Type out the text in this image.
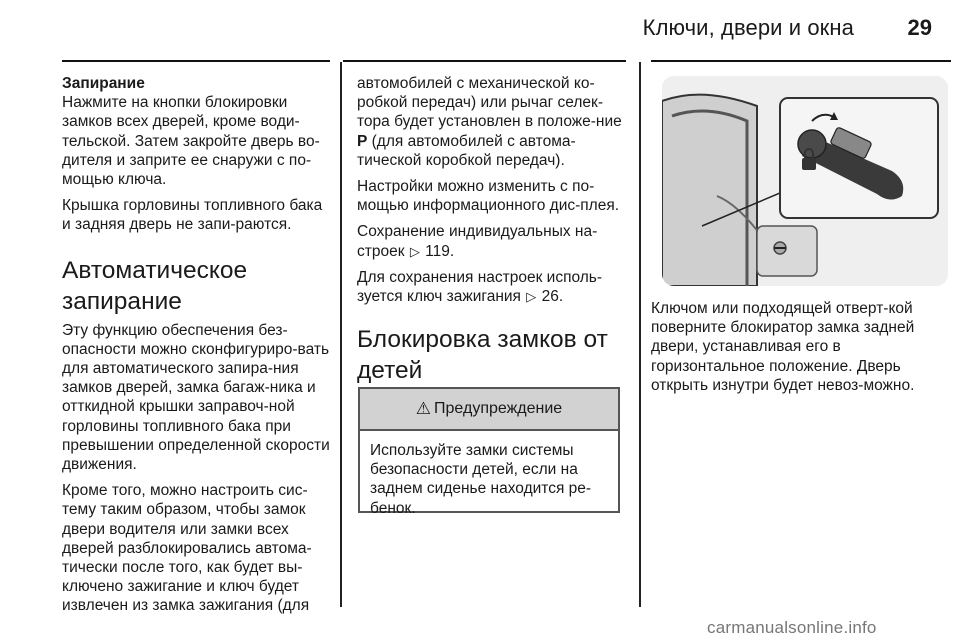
Ключи, двери и окна 29
Запирание

Нажмите на кнопки блокировки замков всех дверей, кроме води-тельской. Затем закройте дверь во-дителя и заприте ее снаружи с по-мощью ключа.

Крышка горловины топливного бака и задняя дверь не запи-раются.

Автоматическое запирание

Эту функцию обеспечения без-опасности можно сконфигуриро-вать для автоматического запира-ния замков дверей, замка багаж-ника и отткидной крышки заправоч-ной горловины топливного бака при превышении определенной скорости движения.

Кроме того, можно настроить сис-тему таким образом, чтобы замок двери водителя или замки всех дверей разблокировались автома-тически после того, как будет вы-ключено зажигание и ключ будет извлечен из замка зажигания (для

автомобилей с механической ко-робкой передач) или рычаг селек-тора будет установлен в положе-ние P (для автомобилей с автома-тической коробкой передач).

Настройки можно изменить с по-мощью информационного дис-плея.

Сохранение индивидуальных на-строек ▷ 119.

Для сохранения настроек исполь-зуется ключ зажигания ▷ 26.

Блокировка замков от детей
⚠ Предупреждение
Используйте замки системы безопасности детей, если на заднем сиденье находится ре-бенок.
Ключом или подходящей отверт-кой поверните блокиратор замка задней двери, устанавливая его в горизонтальное положение. Дверь открыть изнутри будет невоз-можно.
carmanualsonline.info
